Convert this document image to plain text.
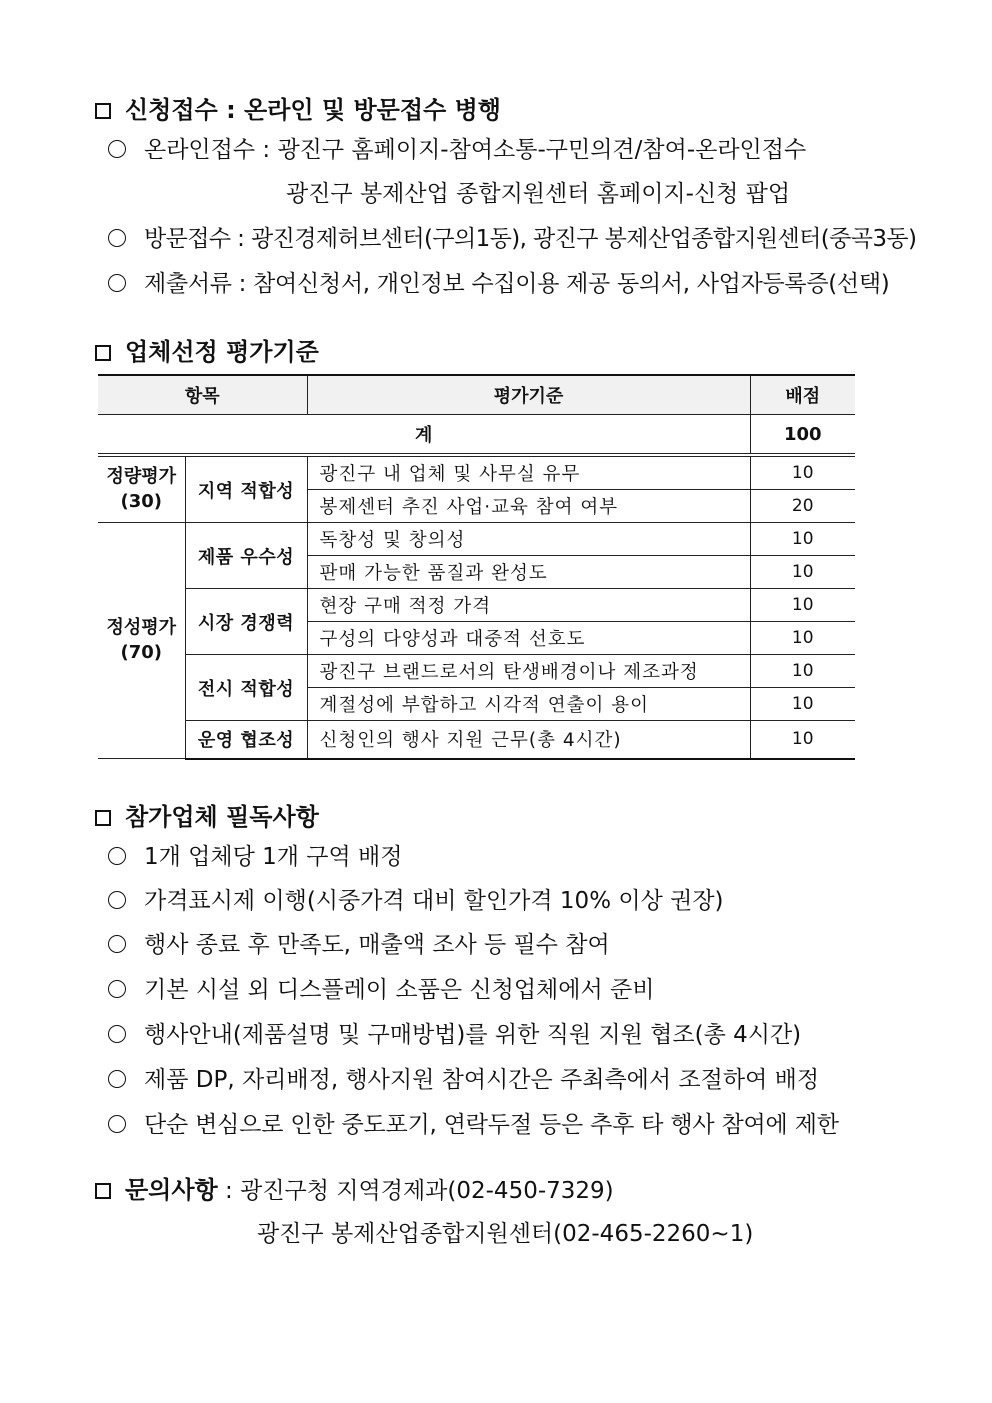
신청접수 : 온라인 및 방문접수 병행
온라인접수 : 광진구 홈페이지-참여소통-구민의견/참여-온라인접수
광진구 봉제산업 종합지원센터 홈페이지-신청 팝업
방문접수 : 광진경제허브센터(구의1동), 광진구 봉제산업종합지원센터(중곡3동)
제출서류 : 참여신청서, 개인정보 수집이용 제공 동의서, 사업자등록증(선택)
업체선정 평가기준
항목		평가기준	배점
계			100
정량평가
(30)	지역 적합성	광진구 내 업체 및 사무실 유무	10
		봉제센터 추진 사업·교육 참여 여부	20
정성평가
(70)	제품 우수성	독창성 및 창의성	10
		판매 가능한 품질과 완성도	10
	시장 경쟁력	현장 구매 적정 가격	10
		구성의 다양성과 대중적 선호도	10
	전시 적합성	광진구 브랜드로서의 탄생배경이나 제조과정	10
		계절성에 부합하고 시각적 연출이 용이	10
	운영 협조성	신청인의 행사 지원 근무(총 4시간)	10
참가업체 필독사항
1개 업체당 1개 구역 배정
가격표시제 이행(시중가격 대비 할인가격 10% 이상 권장)
행사 종료 후 만족도, 매출액 조사 등 필수 참여
기본 시설 외 디스플레이 소품은 신청업체에서 준비
행사안내(제품설명 및 구매방법)를 위한 직원 지원 협조(총 4시간)
제품 DP, 자리배정, 행사지원 참여시간은 주최측에서 조절하여 배정
단순 변심으로 인한 중도포기, 연락두절 등은 추후 타 행사 참여에 제한
문의사항 : 광진구청 지역경제과(02-450-7329)
광진구 봉제산업종합지원센터(02-465-2260~1)
